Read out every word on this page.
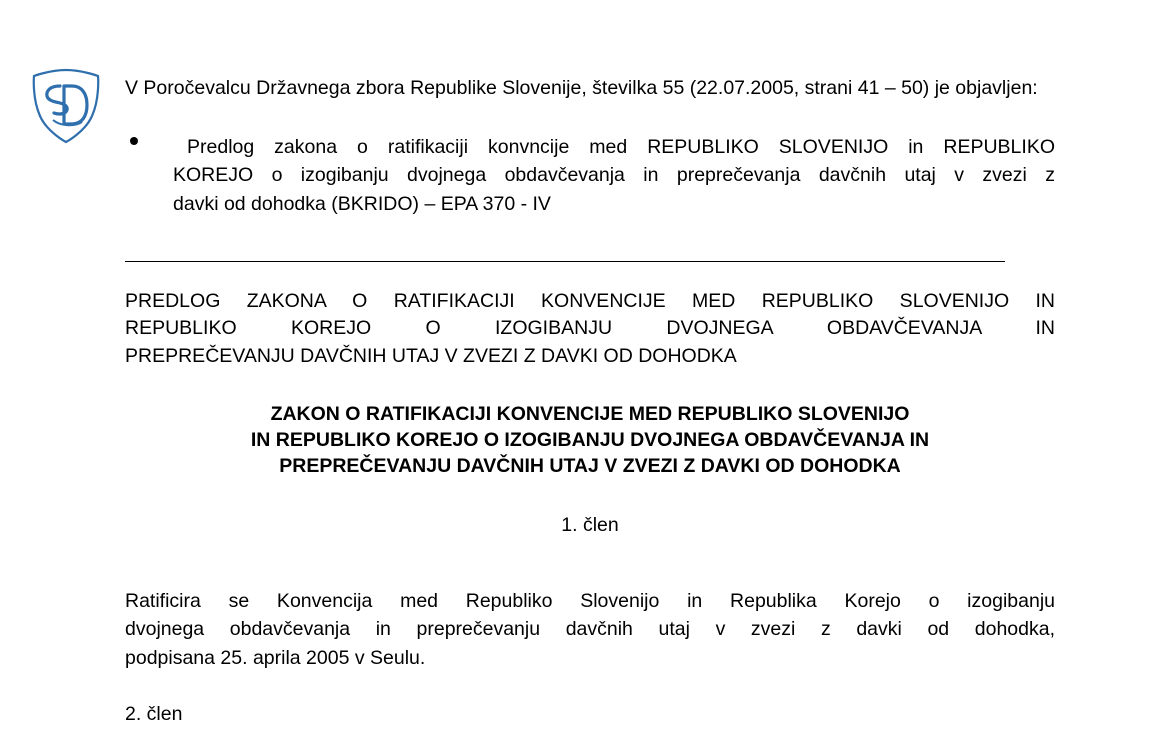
V Poročevalcu Državnega zbora Republike Slovenije, številka 55 (22.07.2005, strani 41 – 50) je objavljen:

Predlog zakona o ratifikaciji konvncije med REPUBLIKO SLOVENIJO in REPUBLIKO
KOREJO o izogibanju dvojnega obdavčevanja in preprečevanja davčnih utaj v zvezi z
davki od dohodka (BKRIDO) – EPA 370 - IV
PREDLOG ZAKONA O RATIFIKACIJI KONVENCIJE MED REPUBLIKO SLOVENIJO IN
REPUBLIKO KOREJO O IZOGIBANJU DVOJNEGA OBDAVČEVANJA IN
PREPREČEVANJU DAVČNIH UTAJ V ZVEZI Z DAVKI OD DOHODKA
ZAKON O RATIFIKACIJI KONVENCIJE MED REPUBLIKO SLOVENIJO
IN REPUBLIKO KOREJO O IZOGIBANJU DVOJNEGA OBDAVČEVANJA IN
PREPREČEVANJU DAVČNIH UTAJ V ZVEZI Z DAVKI OD DOHODKA
1. člen
Ratificira se Konvencija med Republiko Slovenijo in Republika Korejo o izogibanju
dvojnega obdavčevanja in preprečevanju davčnih utaj v zvezi z davki od dohodka,
podpisana 25. aprila 2005 v Seulu.
2. člen
